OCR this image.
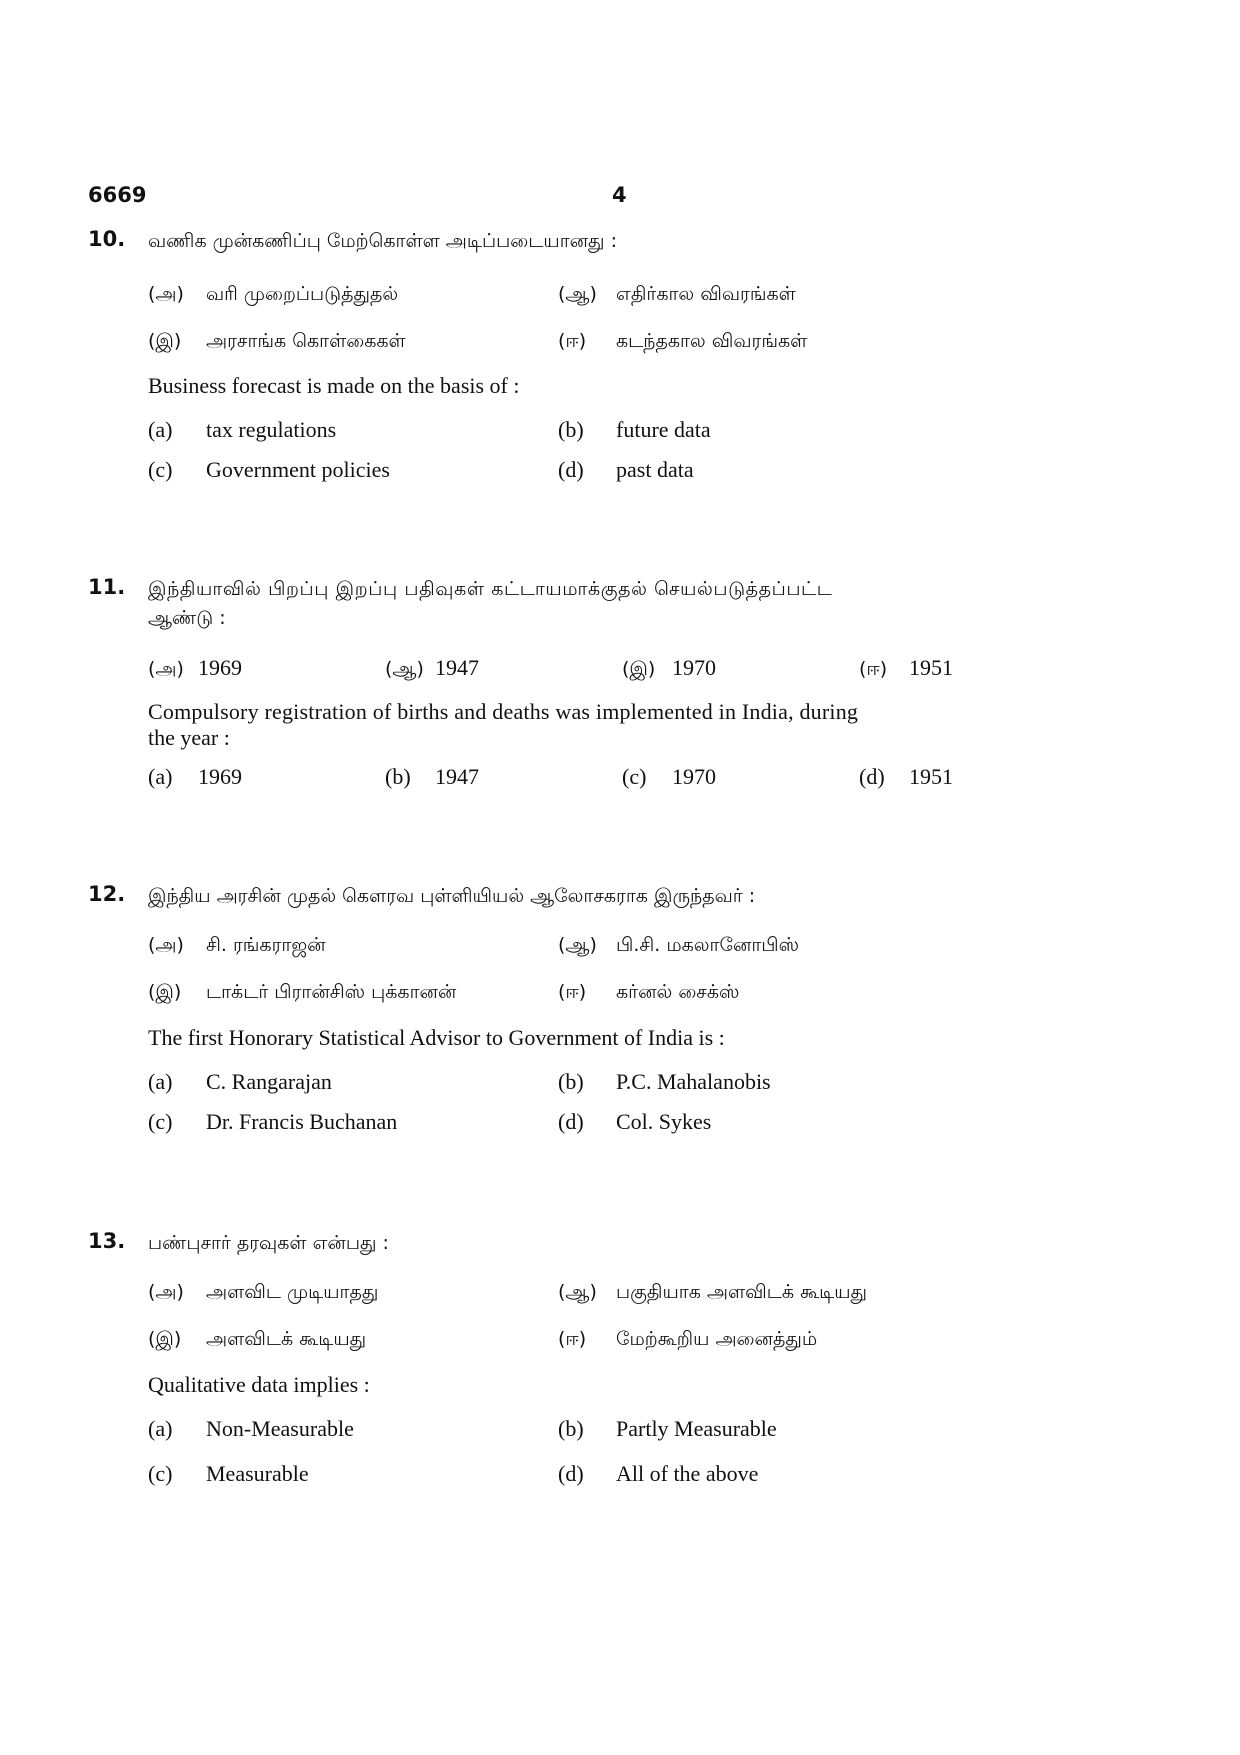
6669	4
10. வணிக முன்கணிப்பு மேற்கொள்ள அடிப்படையானது :
(அ) வரி முறைப்படுத்துதல்	(ஆ) எதிர்கால விவரங்கள்
(இ) அரசாங்க கொள்கைகள்	(ஈ) கடந்தகால விவரங்கள்
Business forecast is made on the basis of :
(a) tax regulations	(b) future data
(c) Government policies	(d) past data
11. இந்தியாவில் பிறப்பு இறப்பு பதிவுகள் கட்டாயமாக்குதல் செயல்படுத்தப்பட்ட
ஆண்டு :
(அ) 1969	(ஆ) 1947	(இ) 1970	(ஈ) 1951
Compulsory registration of births and deaths was implemented in India, during
the year :
(a) 1969	(b) 1947	(c) 1970	(d) 1951
12. இந்திய அரசின் முதல் கௌரவ புள்ளியியல் ஆலோசகராக இருந்தவர் :
(அ) சி. ரங்கராஜன்	(ஆ) பி.சி. மகலானோபிஸ்
(இ) டாக்டர் பிரான்சிஸ் புக்கானன்	(ஈ) கர்னல் சைக்ஸ்
The first Honorary Statistical Advisor to Government of India is :
(a) C. Rangarajan	(b) P.C. Mahalanobis
(c) Dr. Francis Buchanan	(d) Col. Sykes
13. பண்புசார் தரவுகள் என்பது :
(அ) அளவிட முடியாதது	(ஆ) பகுதியாக அளவிடக் கூடியது
(இ) அளவிடக் கூடியது	(ஈ) மேற்கூறிய அனைத்தும்
Qualitative data implies :
(a) Non-Measurable	(b) Partly Measurable
(c) Measurable	(d) All of the above
